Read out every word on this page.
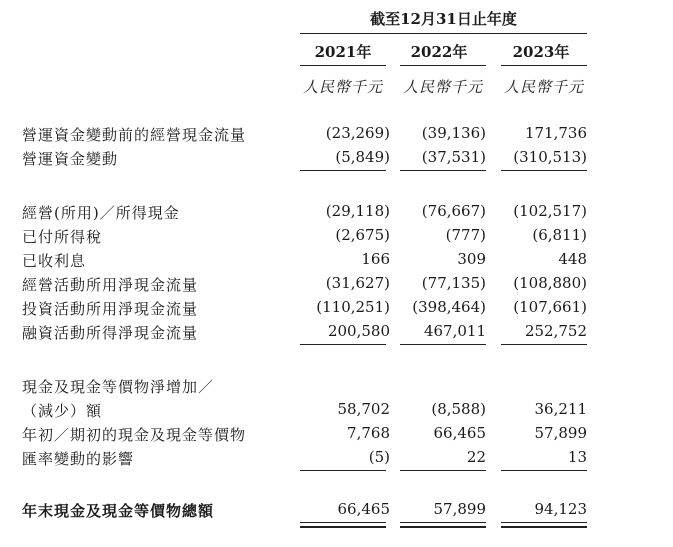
截至12月31日止年度
2021年	2022年	2023年
人民幣千元 人民幣千元 人民幣千元
營運資金變動前的經營現金流量	(23,269)	(39,136)	171,736
營運資金變動	(5,849)	(37,531)	(310,513)
經營(所用)／所得現金	(29,118)	(76,667)	(102,517)
已付所得稅	(2,675)	(777)	(6,811)
已收利息	166	309	448
經營活動所用淨現金流量	(31,627)	(77,135)	(108,880)
投資活動所用淨現金流量	(110,251)	(398,464)	(107,661)
融資活動所得淨現金流量	200,580	467,011	252,752
現金及現金等價物淨增加／
（減少）額	58,702	(8,588)	36,211
年初／期初的現金及現金等價物	7,768	66,465	57,899
匯率變動的影響	(5)	22	13
年末現金及現金等價物總額	66,465	57,899	94,123
